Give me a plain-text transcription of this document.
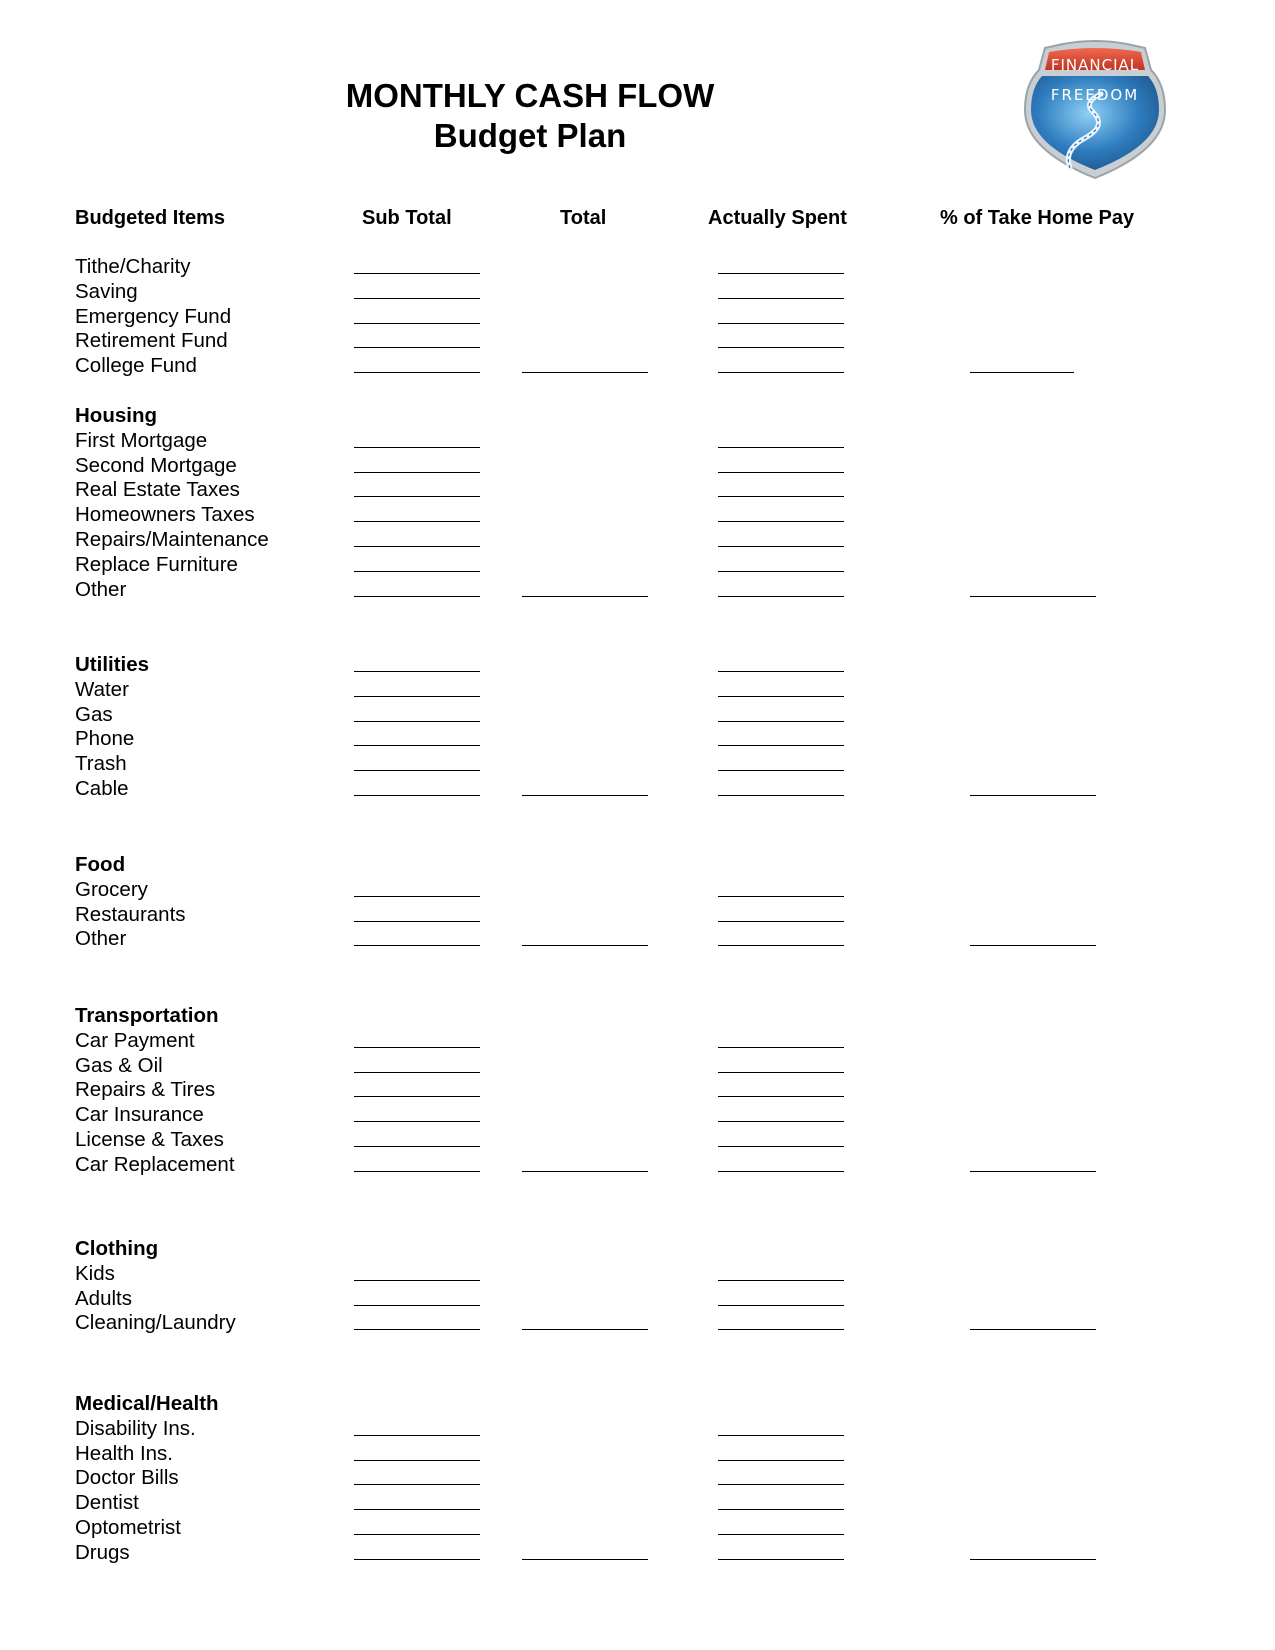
MONTHLY CASH FLOW
Budget Plan
FINANCIAL
FREEDOM
Budgeted Items	Sub Total	Total	Actually Spent	% of Take Home Pay
Tithe/Charity
Saving
Emergency Fund
Retirement Fund
College Fund
Housing
First Mortgage
Second Mortgage
Real Estate Taxes
Homeowners Taxes
Repairs/Maintenance
Replace Furniture
Other
Utilities
Water
Gas
Phone
Trash
Cable
Food
Grocery
Restaurants
Other
Transportation
Car Payment
Gas & Oil
Repairs & Tires
Car Insurance
License & Taxes
Car Replacement
Clothing
Kids
Adults
Cleaning/Laundry
Medical/Health
Disability Ins.
Health Ins.
Doctor Bills
Dentist
Optometrist
Drugs
